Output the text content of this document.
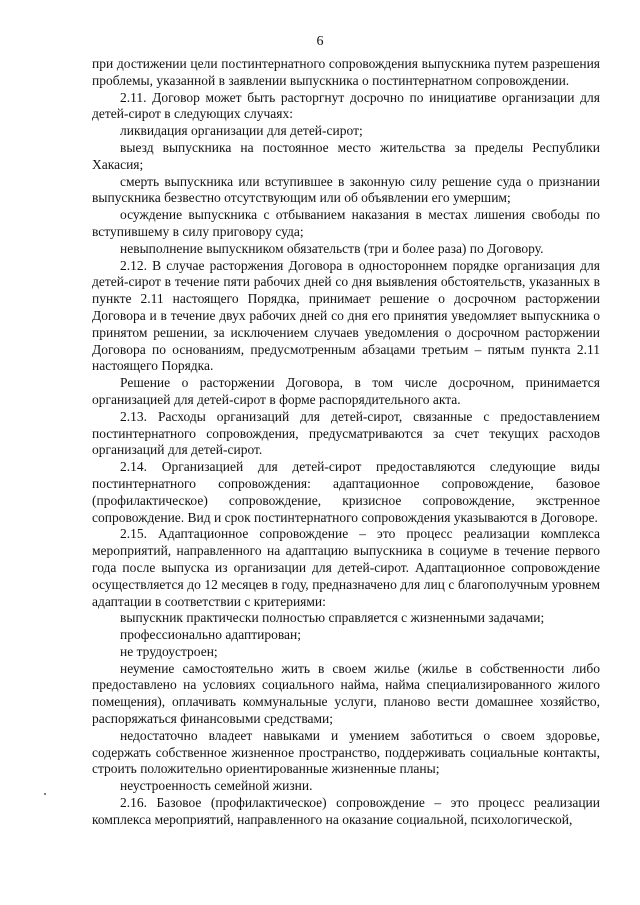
6

при достижении цели постинтернатного сопровождения выпускника путем разрешения проблемы, указанной в заявлении выпускника о постинтернатном сопровождении.

2.11. Договор может быть расторгнут досрочно по инициативе организации для детей-сирот в следующих случаях:

ликвидация организации для детей-сирот;

выезд выпускника на постоянное место жительства за пределы Республики Хакасия;

смерть выпускника или вступившее в законную силу решение суда о признании выпускника безвестно отсутствующим или об объявлении его умершим;

осуждение выпускника с отбыванием наказания в местах лишения свободы по вступившему в силу приговору суда;

невыполнение выпускником обязательств (три и более раза) по Договору.

2.12. В случае расторжения Договора в одностороннем порядке организация для детей-сирот в течение пяти рабочих дней со дня выявления обстоятельств, указанных в пункте 2.11 настоящего Порядка, принимает решение о досрочном расторжении Договора и в течение двух рабочих дней со дня его принятия уведомляет выпускника о принятом решении, за исключением случаев уведомления о досрочном расторжении Договора по основаниям, предусмотренным абзацами третьим – пятым пункта 2.11 настоящего Порядка.

Решение о расторжении Договора, в том числе досрочном, принимается организацией для детей-сирот в форме распорядительного акта.

2.13. Расходы организаций для детей-сирот, связанные с предоставлением постинтернатного сопровождения, предусматриваются за счет текущих расходов организаций для детей-сирот.

2.14. Организацией для детей-сирот предоставляются следующие виды постинтернатного сопровождения: адаптационное сопровождение, базовое (профилактическое) сопровождение, кризисное сопровождение, экстренное сопровождение. Вид и срок постинтернатного сопровождения указываются в Договоре.

2.15. Адаптационное сопровождение – это процесс реализации комплекса мероприятий, направленного на адаптацию выпускника в социуме в течение первого года после выпуска из организации для детей-сирот. Адаптационное сопровождение осуществляется до 12 месяцев в году, предназначено для лиц с благополучным уровнем адаптации в соответствии с критериями:

выпускник практически полностью справляется с жизненными задачами;

профессионально адаптирован;

не трудоустроен;

неумение самостоятельно жить в своем жилье (жилье в собственности либо предоставлено на условиях социального найма, найма специализированного жилого помещения), оплачивать коммунальные услуги, планово вести домашнее хозяйство, распоряжаться финансовыми средствами;

недостаточно владеет навыками и умением заботиться о своем здоровье, содержать собственное жизненное пространство, поддерживать социальные контакты, строить положительно ориентированные жизненные планы;

неустроенность семейной жизни.

2.16. Базовое (профилактическое) сопровождение – это процесс реализации комплекса мероприятий, направленного на оказание социальной, психологической,
